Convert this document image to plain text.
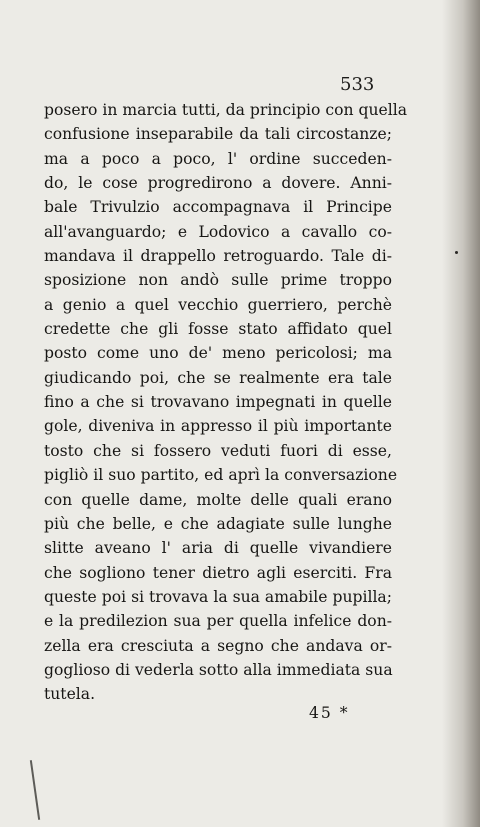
533
posero in marcia tutti, da principio con quella
confusione inseparabile da tali circostanze;
ma a poco a poco, l' ordine succeden-
do, le cose progredirono a dovere. Anni-
bale Trivulzio accompagnava il Principe
all'avanguardo; e Lodovico a cavallo co-
mandava il drappello retroguardo. Tale di-
sposizione non andò sulle prime troppo
a genio a quel vecchio guerriero, perchè
credette che gli fosse stato affidato quel
posto come uno de' meno pericolosi; ma
giudicando poi, che se realmente era tale
fino a che si trovavano impegnati in quelle
gole, diveniva in appresso il più importante
tosto che si fossero veduti fuori di esse,
pigliò il suo partito, ed aprì la conversazione
con quelle dame, molte delle quali erano
più che belle, e che adagiate sulle lunghe
slitte aveano l' aria di quelle vivandiere
che sogliono tener dietro agli eserciti. Fra
queste poi si trovava la sua amabile pupilla;
e la predilezion sua per quella infelice don-
zella era cresciuta a segno che andava or-
goglioso di vederla sotto alla immediata sua
tutela.
45 *
